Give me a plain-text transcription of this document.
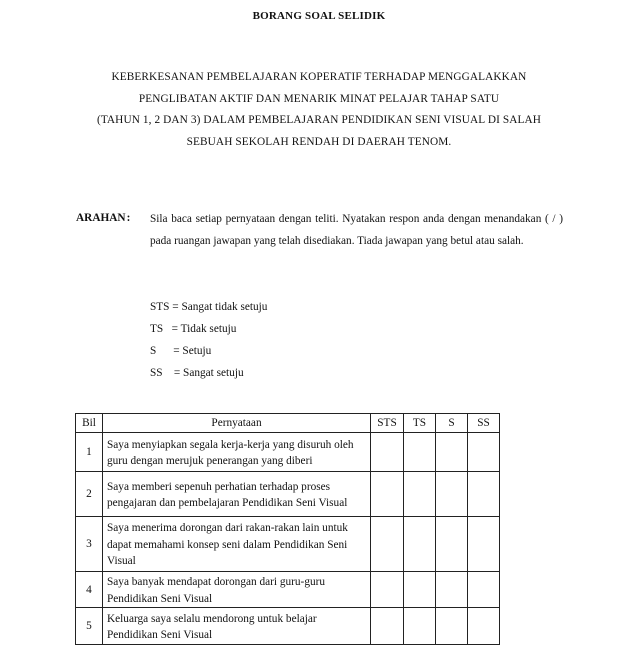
BORANG SOAL SELIDIK
KEBERKESANAN PEMBELAJARAN KOPERATIF TERHADAP MENGGALAKKAN
PENGLIBATAN AKTIF DAN MENARIK MINAT PELAJAR TAHAP SATU
(TAHUN 1, 2 DAN 3) DALAM PEMBELAJARAN PENDIDIKAN SENI VISUAL DI SALAH
SEBUAH SEKOLAH RENDAH DI DAERAH TENOM.
ARAHAN: Sila baca setiap pernyataan dengan teliti. Nyatakan respon anda dengan menandakan ( / ) pada ruangan jawapan yang telah disediakan. Tiada jawapan yang betul atau salah.
STS = Sangat tidak setuju
TS   = Tidak setuju
S      = Setuju
SS    = Sangat setuju
Bil	Pernyataan	STS	TS	S	SS
1	Saya menyiapkan segala kerja-kerja yang disuruh oleh guru dengan merujuk penerangan yang diberi				

2	Saya memberi sepenuh perhatian terhadap proses pengajaran dan pembelajaran Pendidikan Seni Visual				

3	Saya menerima dorongan dari rakan-rakan lain untuk dapat memahami konsep seni dalam Pendidikan Seni Visual				

4	Saya banyak mendapat dorongan dari guru-guru Pendidikan Seni Visual				

5	Keluarga saya selalu mendorong untuk belajar Pendidikan Seni Visual				
